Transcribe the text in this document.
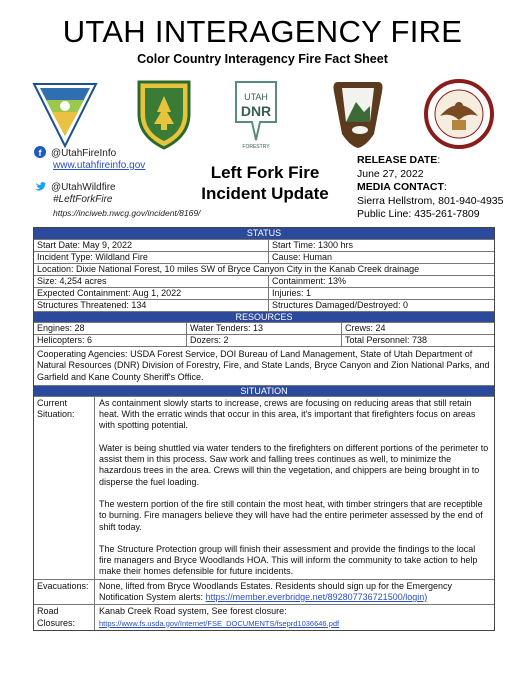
UTAH INTERAGENCY FIRE
Color Country Interagency Fire Fact Sheet
UTAH
DNR
FORESTRY
f @UtahFireInfo
www.utahfireinfo.gov
@UtahWildfire
#LeftForkFire
https://inciweb.nwcg.gov/incident/8169/
Left Fork Fire
Incident Update
RELEASE DATE:
June 27, 2022
MEDIA CONTACT:
Sierra Hellstrom, 801-940-4935
Public Line: 435-261-7809
STATUS
Start Date: May 9, 2022	Start Time: 1300 hrs
Incident Type: Wildland Fire	Cause: Human
Location: Dixie National Forest, 10 miles SW of Bryce Canyon City in the Kanab Creek drainage
Size: 4,254 acres	Containment: 13%
Expected Containment: Aug 1, 2022	Injuries: 1
Structures Threatened: 134	Structures Damaged/Destroyed: 0
RESOURCES
Engines: 28	Water Tenders: 13	Crews: 24
Helicopters: 6	Dozers: 2	Total Personnel: 738
Cooperating Agencies: USDA Forest Service, DOI Bureau of Land Management, State of Utah Department of Natural Resources (DNR) Division of Forestry, Fire, and State Lands, Bryce Canyon and Zion National Parks, and Garfield and Kane County Sheriff's Office.
SITUATION
Current Situation:

As containment slowly starts to increase, crews are focusing on reducing areas that still retain heat. With the erratic winds that occur in this area, it's important that firefighters focus on areas with spotting potential.

Water is being shuttled via water tenders to the firefighters on different portions of the perimeter to assist them in this process. Saw work and falling trees continues as well, to minimize the hazardous trees in the area. Crews will thin the vegetation, and chippers are being brought in to disperse the fuel loading.

The western portion of the fire still contain the most heat, with timber stringers that are receptible to burning. Fire managers believe they will have had the entire perimeter assessed by the end of shift today.

The Structure Protection group will finish their assessment and provide the findings to the local fire managers and Bryce Woodlands HOA. This will inform the community to take action to help make their homes defensible for future incidents.

Evacuations:	None, lifted from Bryce Woodlands Estates. Residents should sign up for the Emergency Notification System alerts: https://member.everbridge.net/892807736721500/login)
Road Closures:
Kanab Creek Road system, See forest closure:
https://www.fs.usda.gov/Internet/FSE_DOCUMENTS/fseprd1036646.pdf
